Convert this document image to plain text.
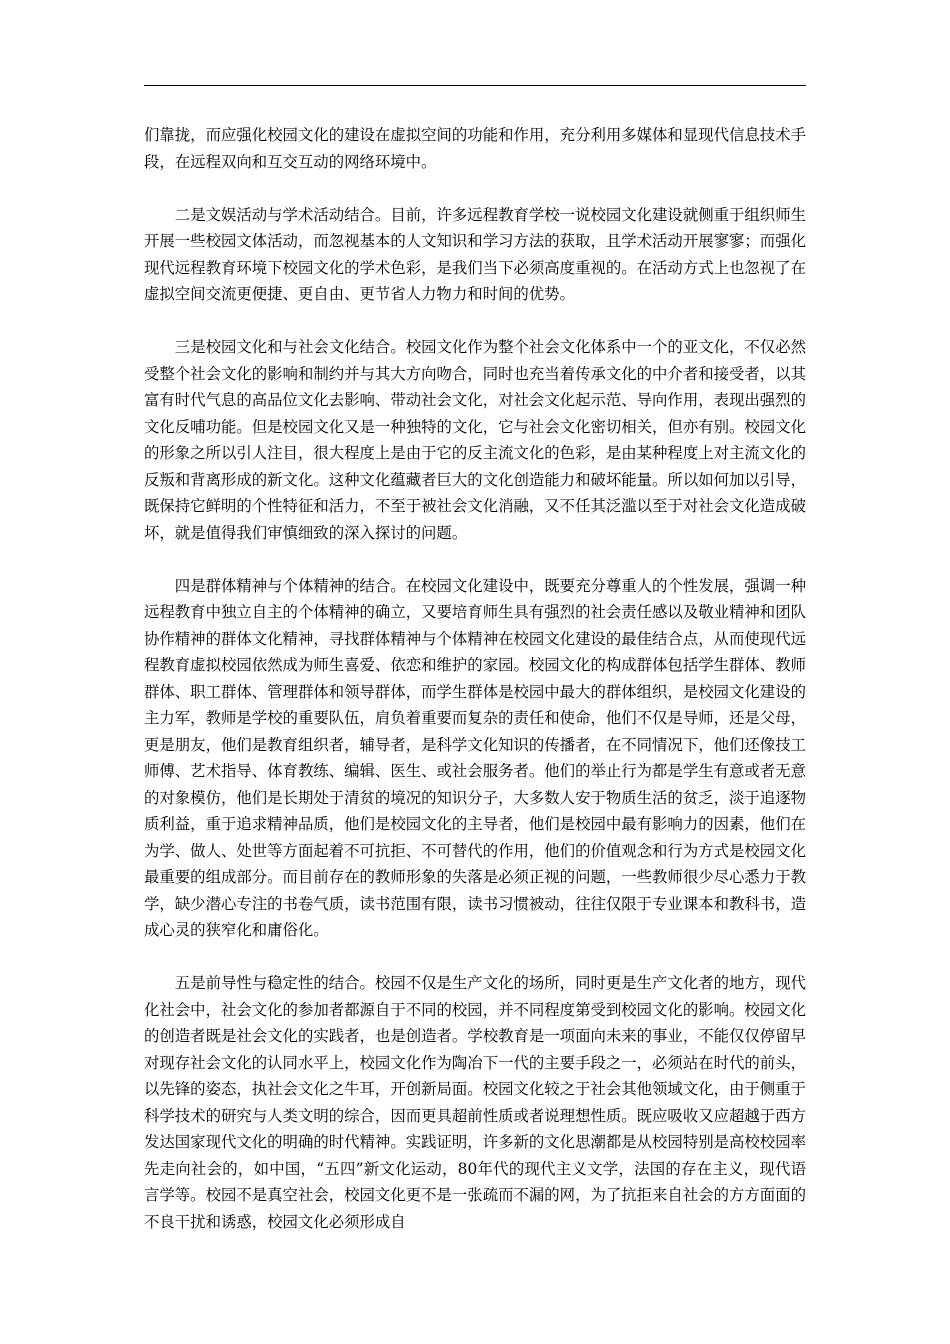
们靠拢，而应强化校园文化的建设在虚拟空间的功能和作用，充分利用多媒体和显现代信息技术手段，在远程双向和互交互动的网络环境中。

二是文娱活动与学术活动结合。目前，许多远程教育学校一说校园文化建设就侧重于组织师生开展一些校园文体活动，而忽视基本的人文知识和学习方法的获取，且学术活动开展寥寥；而强化现代远程教育环境下校园文化的学术色彩，是我们当下必须高度重视的。在活动方式上也忽视了在虚拟空间交流更便捷、更自由、更节省人力物力和时间的优势。

三是校园文化和与社会文化结合。校园文化作为整个社会文化体系中一个的亚文化，不仅必然受整个社会文化的影响和制约并与其大方向吻合，同时也充当着传承文化的中介者和接受者，以其富有时代气息的高品位文化去影响、带动社会文化，对社会文化起示范、导向作用，表现出强烈的文化反哺功能。但是校园文化又是一种独特的文化，它与社会文化密切相关，但亦有别。校园文化的形象之所以引人注目，很大程度上是由于它的反主流文化的色彩，是由某种程度上对主流文化的反叛和背离形成的新文化。这种文化蕴藏者巨大的文化创造能力和破坏能量。所以如何加以引导，既保持它鲜明的个性特征和活力，不至于被社会文化消融，又不任其泛滥以至于对社会文化造成破坏，就是值得我们审慎细致的深入探讨的问题。

四是群体精神与个体精神的结合。在校园文化建设中，既要充分尊重人的个性发展，强调一种远程教育中独立自主的个体精神的确立，又要培育师生具有强烈的社会责任感以及敬业精神和团队协作精神的群体文化精神，寻找群体精神与个体精神在校园文化建设的最佳结合点，从而使现代远程教育虚拟校园依然成为师生喜爱、依恋和维护的家园。校园文化的构成群体包括学生群体、教师群体、职工群体、管理群体和领导群体，而学生群体是校园中最大的群体组织，是校园文化建设的主力军，教师是学校的重要队伍，肩负着重要而复杂的责任和使命，他们不仅是导师，还是父母，更是朋友，他们是教育组织者，辅导者，是科学文化知识的传播者，在不同情况下，他们还像技工师傅、艺术指导、体育教练、编辑、医生、或社会服务者。他们的举止行为都是学生有意或者无意的对象模仿，他们是长期处于清贫的境况的知识分子，大多数人安于物质生活的贫乏，淡于追逐物质利益，重于追求精神品质，他们是校园文化的主导者，他们是校园中最有影响力的因素，他们在为学、做人、处世等方面起着不可抗拒、不可替代的作用，他们的价值观念和行为方式是校园文化最重要的组成部分。而目前存在的教师形象的失落是必须正视的问题，一些教师很少尽心悉力于教学，缺少潜心专注的书卷气质，读书范围有限，读书习惯被动，往往仅限于专业课本和教科书，造成心灵的狭窄化和庸俗化。

五是前导性与稳定性的结合。校园不仅是生产文化的场所，同时更是生产文化者的地方，现代化社会中，社会文化的参加者都源自于不同的校园，并不同程度第受到校园文化的影响。校园文化的创造者既是社会文化的实践者，也是创造者。学校教育是一项面向未来的事业，不能仅仅停留早对现存社会文化的认同水平上，校园文化作为陶冶下一代的主要手段之一，必须站在时代的前头，以先锋的姿态，执社会文化之牛耳，开创新局面。校园文化较之于社会其他领域文化，由于侧重于科学技术的研究与人类文明的综合，因而更具超前性质或者说理想性质。既应吸收又应超越于西方发达国家现代文化的明确的时代精神。实践证明，许多新的文化思潮都是从校园特别是高校校园率先走向社会的，如中国，“五四”新文化运动，80年代的现代主义文学，法国的存在主义，现代语言学等。校园不是真空社会，校园文化更不是一张疏而不漏的网，为了抗拒来自社会的方方面面的不良干扰和诱惑，校园文化必须形成自
